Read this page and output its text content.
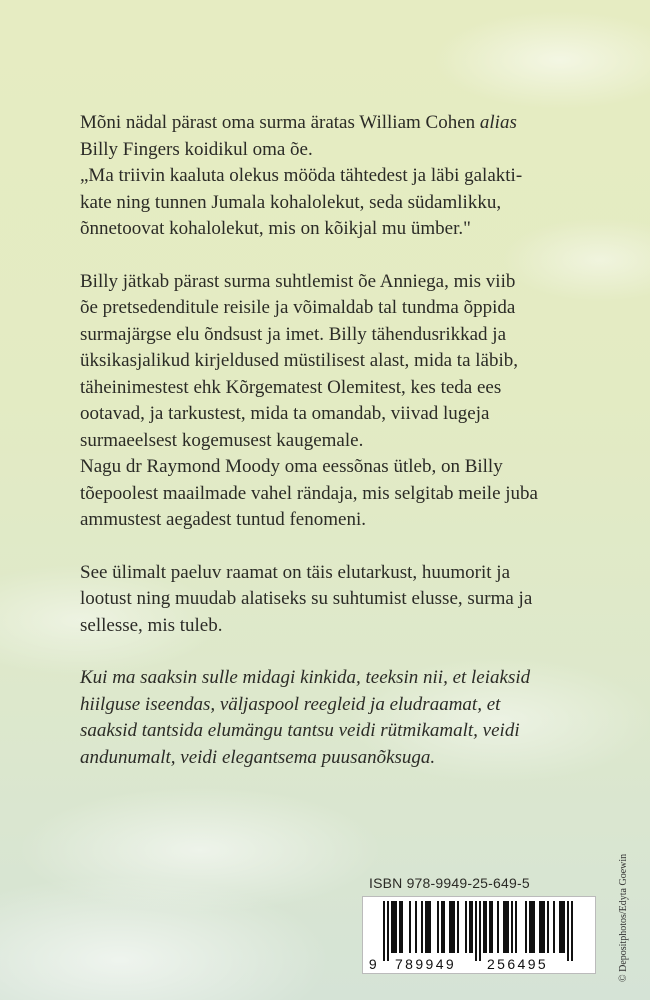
Mõni nädal pärast oma surma äratas William Cohen alias

Billy Fingers koidikul oma õe.

„Ma triivin kaaluta olekus mööda tähtedest ja läbi galakti-

kate ning tunnen Jumala kohalolekut, seda südamlikku,

õnnetoovat kohalolekut, mis on kõikjal mu ümber."

Billy jätkab pärast surma suhtlemist õe Anniega, mis viib

õe pretsedenditule reisile ja võimaldab tal tundma õppida

surmajärgse elu õndsust ja imet. Billy tähendusrikkad ja

üksikasjalikud kirjeldused müstilisest alast, mida ta läbib,

täheinimestest ehk Kõrgematest Olemitest, kes teda ees

ootavad, ja tarkustest, mida ta omandab, viivad lugeja

surmaeelsest kogemusest kaugemale.

Nagu dr Raymond Moody oma eessõnas ütleb, on Billy

tõepoolest maailmade vahel rändaja, mis selgitab meile juba

ammustest aegadest tuntud fenomeni.

See ülimalt paeluv raamat on täis elutarkust, huumorit ja

lootust ning muudab alatiseks su suhtumist elusse, surma ja

sellesse, mis tuleb.

Kui ma saaksin sulle midagi kinkida, teeksin nii, et leiaksid

hiilguse iseendas, väljaspool reegleid ja eludraamat, et

saaksid tantsida elumängu tantsu veidi rütmikamalt, veidi

andunumalt, veidi elegantsema puusanõksuga.

ISBN 978-9949-25-649-5
9 789949 256495	© Depositphotos/Edyta Goewin
